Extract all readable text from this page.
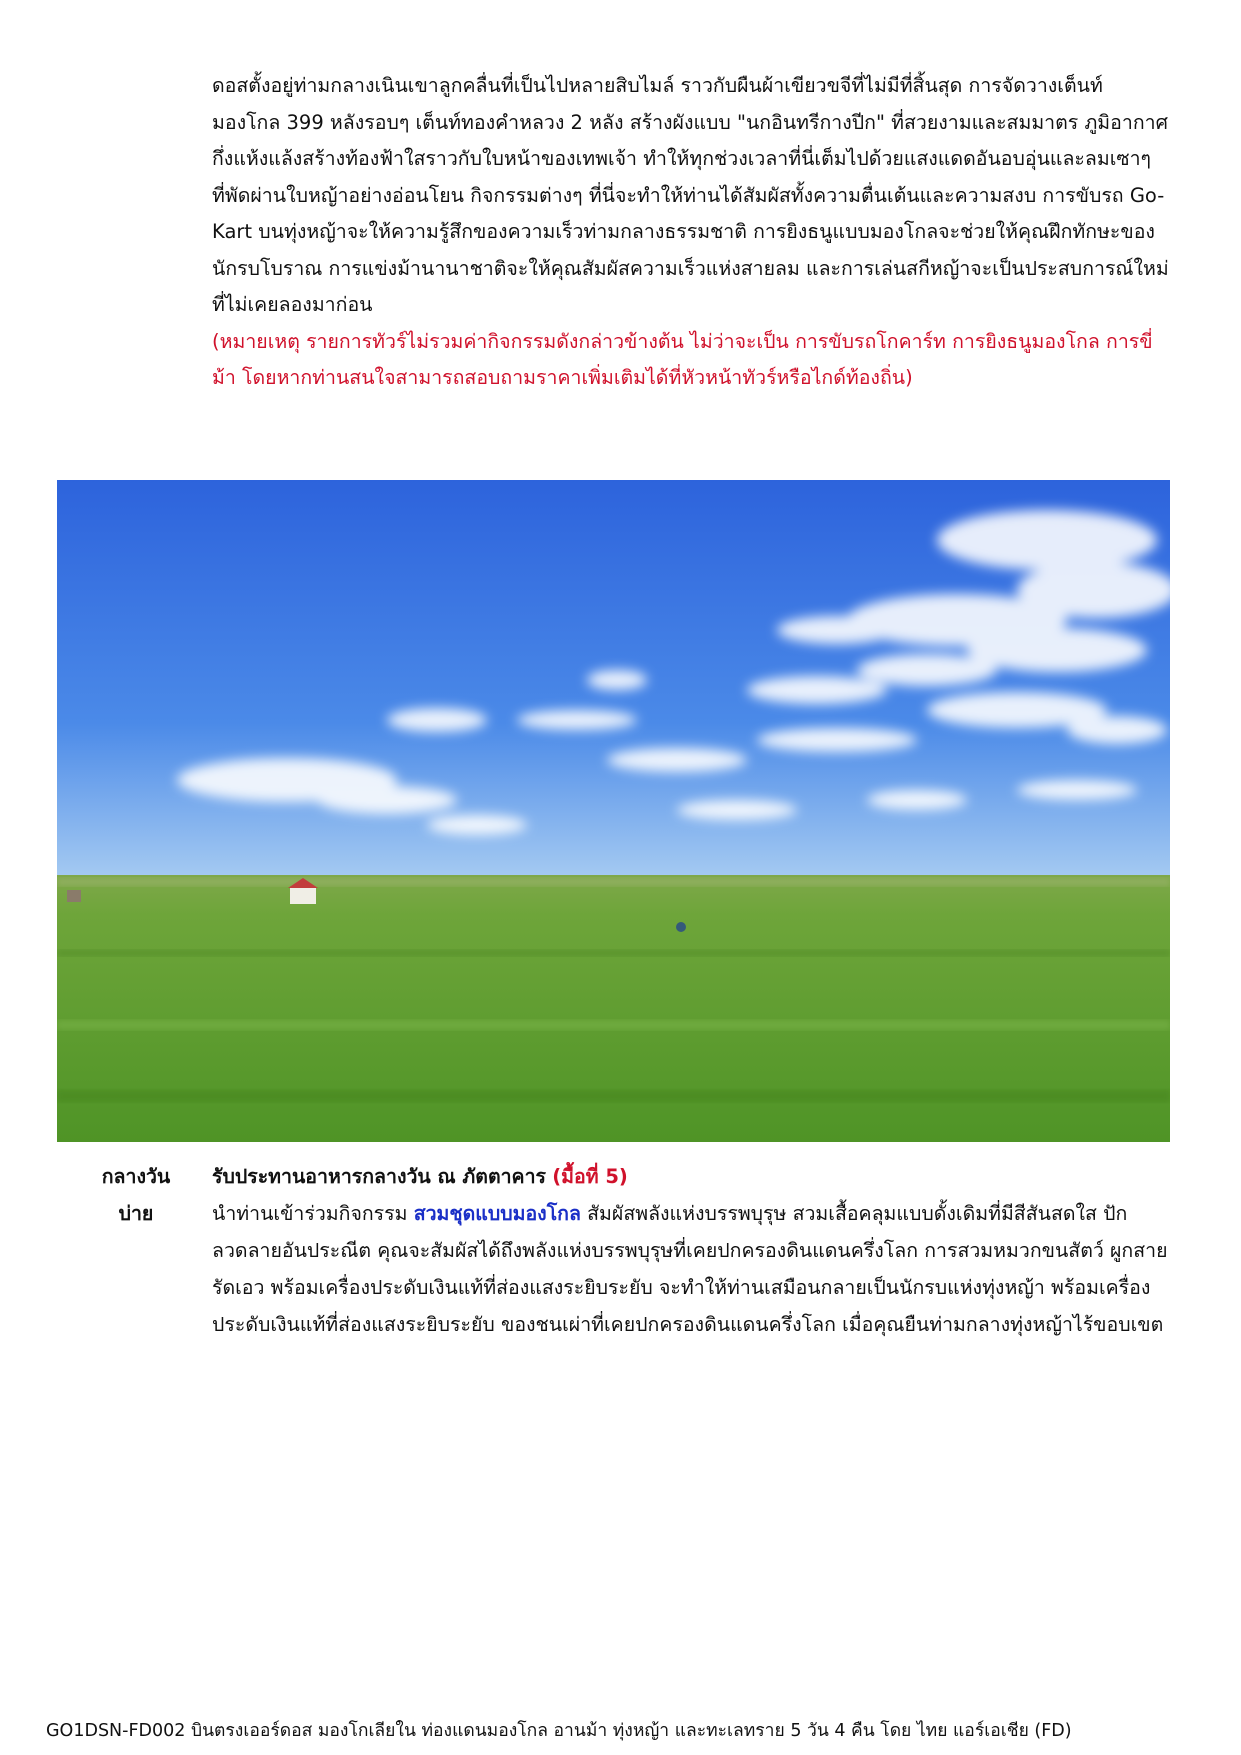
ดอสตั้งอยู่ท่ามกลางเนินเขาลูกคลื่นที่เป็นไปหลายสิบไมล์ ราวกับผืนผ้าเขียวขจีที่ไม่มีที่สิ้นสุด การจัดวางเต็นท์มองโกล 399 หลังรอบๆ เต็นท์ทองคำหลวง 2 หลัง สร้างผังแบบ "นกอินทรีกางปีก" ที่สวยงามและสมมาตร ภูมิอากาศกึ่งแห้งแล้งสร้างท้องฟ้าใสราวกับใบหน้าของเทพเจ้า ทำให้ทุกช่วงเวลาที่นี่เต็มไปด้วยแสงแดดอันอบอุ่นและลมเซาๆ ที่พัดผ่านใบหญ้าอย่างอ่อนโยน กิจกรรมต่างๆ ที่นี่จะทำให้ท่านได้สัมผัสทั้งความตื่นเต้นและความสงบ การขับรถ Go-Kart บนทุ่งหญ้าจะให้ความรู้สึกของความเร็วท่ามกลางธรรมชาติ การยิงธนูแบบมองโกลจะช่วยให้คุณฝึกทักษะของนักรบโบราณ การแข่งม้านานาชาติจะให้คุณสัมผัสความเร็วแห่งสายลม และการเล่นสกีหญ้าจะเป็นประสบการณ์ใหม่ที่ไม่เคยลองมาก่อน

(หมายเหตุ รายการทัวร์ไม่รวมค่ากิจกรรมดังกล่าวข้างต้น ไม่ว่าจะเป็น การขับรถโกคาร์ท การยิงธนูมองโกล การขี่ม้า โดยหากท่านสนใจสามารถสอบถามราคาเพิ่มเติมได้ที่หัวหน้าทัวร์หรือไกด์ท้องถิ่น)

กลางวัน	รับประทานอาหารกลางวัน ณ ภัตตาคาร (มื้อที่ 5)
บ่าย	นำท่านเข้าร่วมกิจกรรม สวมชุดแบบมองโกล สัมผัสพลังแห่งบรรพบุรุษ สวมเสื้อคลุมแบบดั้งเดิมที่มีสีสันสดใส ปักลวดลายอันประณีต คุณจะสัมผัสได้ถึงพลังแห่งบรรพบุรุษที่เคยปกครองดินแดนครึ่งโลก การสวมหมวกขนสัตว์ ผูกสายรัดเอว พร้อมเครื่องประดับเงินแท้ที่ส่องแสงระยิบระยับ จะทำให้ท่านเสมือนกลายเป็นนักรบแห่งทุ่งหญ้า พร้อมเครื่องประดับเงินแท้ที่ส่องแสงระยิบระยับ ของชนเผ่าที่เคยปกครองดินแดนครึ่งโลก เมื่อคุณยืนท่ามกลางทุ่งหญ้าไร้ขอบเขต
GO1DSN-FD002 บินตรงเออร์ดอส มองโกเลียใน ท่องแดนมองโกล อานม้า ทุ่งหญ้า และทะเลทราย 5 วัน 4 คืน โดย ไทย แอร์เอเชีย (FD)
